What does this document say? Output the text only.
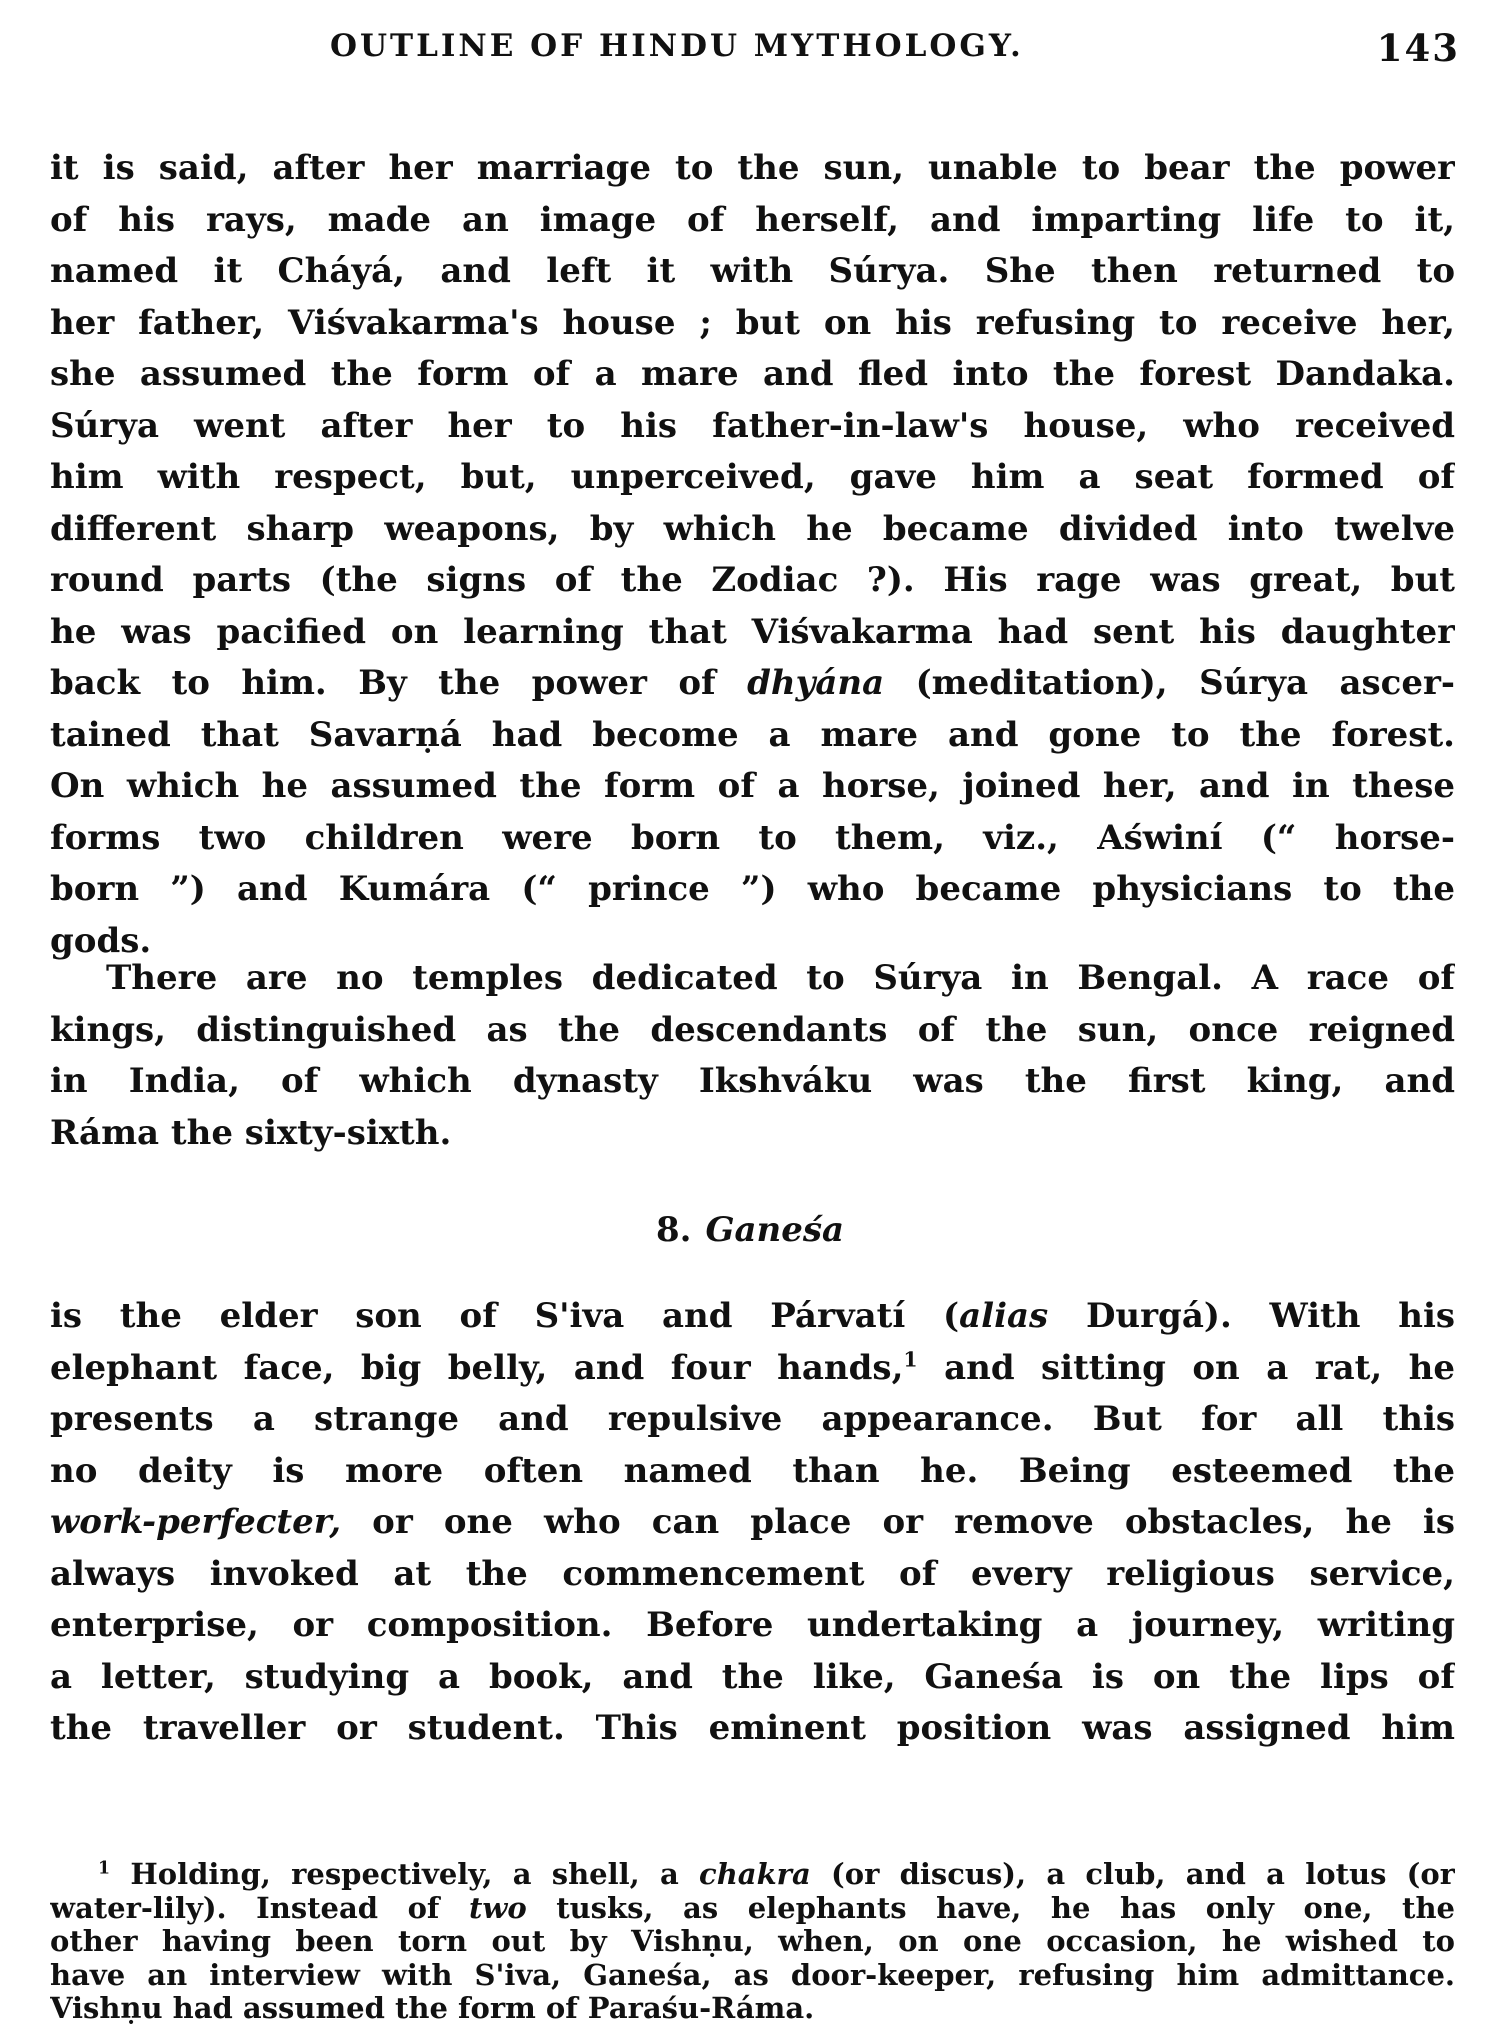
OUTLINE OF HINDU MYTHOLOGY.	143
it is said, after her marriage to the sun, unable to bear the power
of his rays, made an image of herself, and imparting life to it,
named it Cháyá, and left it with Súrya. She then returned to
her father, Viśvakarma's house ; but on his refusing to receive her,
she assumed the form of a mare and fled into the forest Dandaka.
Súrya went after her to his father-in-law's house, who received
him with respect, but, unperceived, gave him a seat formed of
different sharp weapons, by which he became divided into twelve
round parts (the signs of the Zodiac ?). His rage was great, but
he was pacified on learning that Viśvakarma had sent his daughter
back to him. By the power of dhyána (meditation), Súrya ascer-
tained that Savarṇá had become a mare and gone to the forest.
On which he assumed the form of a horse, joined her, and in these
forms two children were born to them, viz., Aświní (“ horse-
born ”) and Kumára (“ prince ”) who became physicians to the
gods.
There are no temples dedicated to Súrya in Bengal. A race of
kings, distinguished as the descendants of the sun, once reigned
in India, of which dynasty Ikshváku was the first king, and
Ráma the sixty-sixth.
8. Ganeśa
is the elder son of S'iva and Párvatí (alias Durgá). With his
elephant face, big belly, and four hands,$^1$ and sitting on a rat, he
presents a strange and repulsive appearance. But for all this
no deity is more often named than he. Being esteemed the
work-perfecter, or one who can place or remove obstacles, he is
always invoked at the commencement of every religious service,
enterprise, or composition. Before undertaking a journey, writing
a letter, studying a book, and the like, Ganeśa is on the lips of
the traveller or student. This eminent position was assigned him
$^1$ Holding, respectively, a shell, a chakra (or discus), a club, and a lotus (or
water-lily). Instead of two tusks, as elephants have, he has only one, the
other having been torn out by Vishṇu, when, on one occasion, he wished to
have an interview with S'iva, Ganeśa, as door-keeper, refusing him admittance.
Vishṇu had assumed the form of Paraśu-Ráma.
